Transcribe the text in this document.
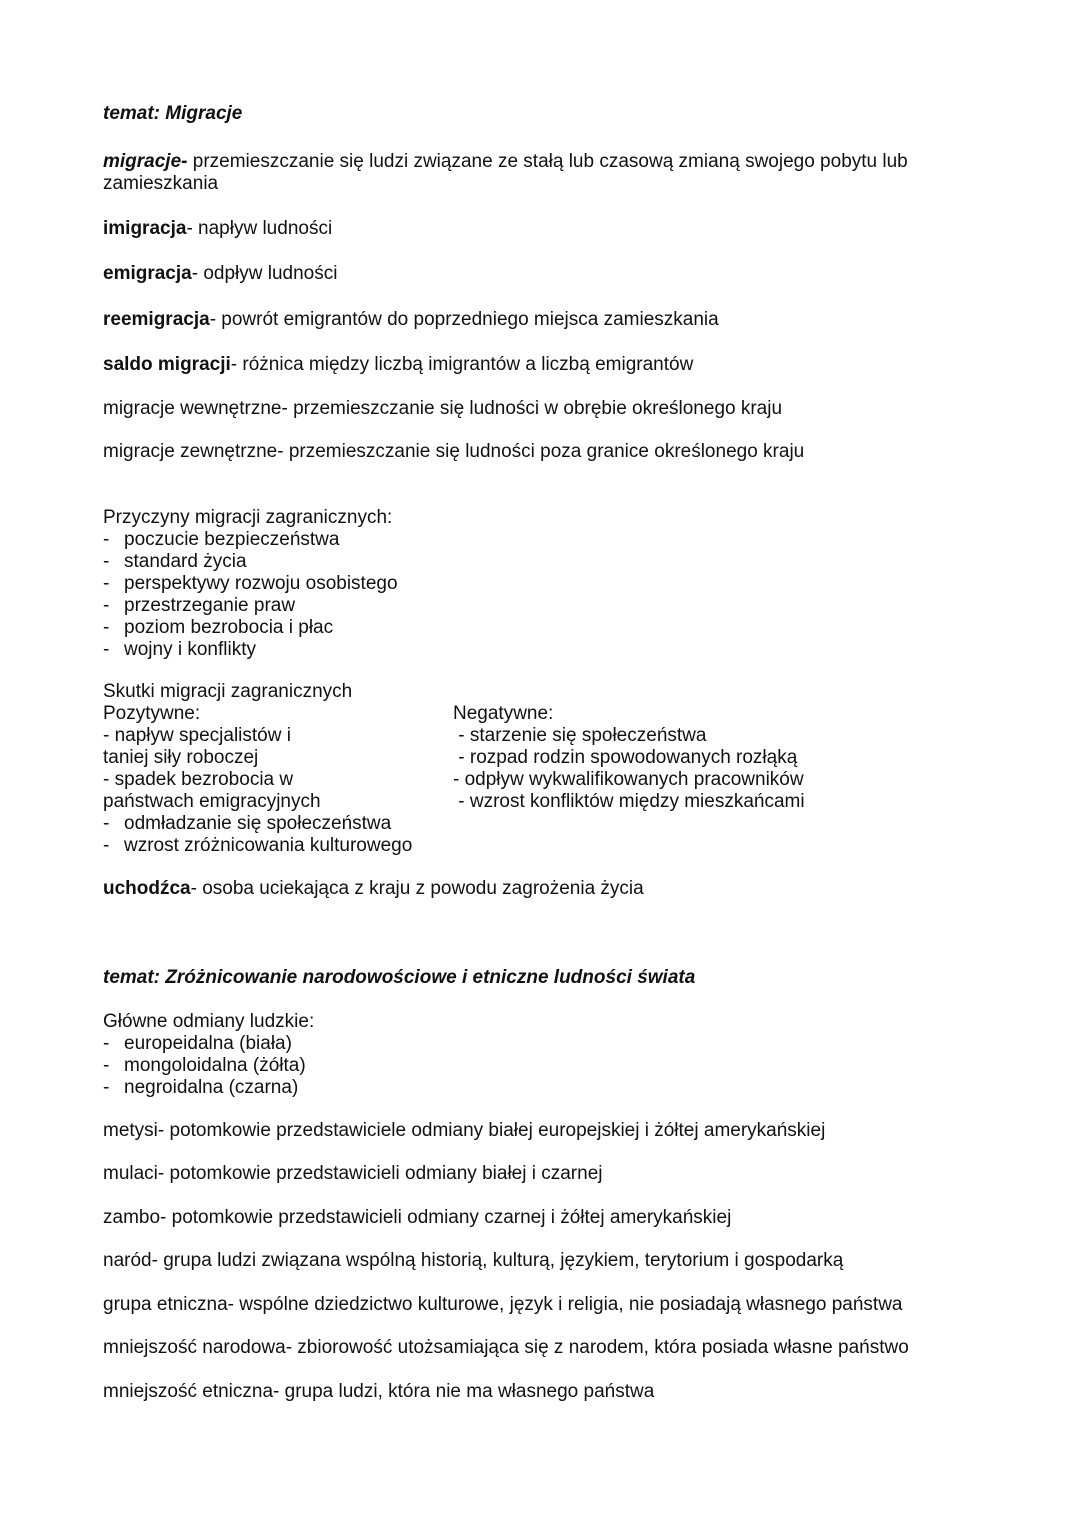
temat: Migracje
migracje- przemieszczanie się ludzi związane ze stałą lub czasową zmianą swojego pobytu lub zamieszkania
imigracja- napływ ludności
emigracja- odpływ ludności
reemigracja- powrót emigrantów do poprzedniego miejsca zamieszkania
saldo migracji- różnica między liczbą imigrantów a liczbą emigrantów
migracje wewnętrzne- przemieszczanie się ludności w obrębie określonego kraju
migracje zewnętrzne- przemieszczanie się ludności poza granice określonego kraju
Przyczyny migracji zagranicznych:
- poczucie bezpieczeństwa
- standard życia
- perspektywy rozwoju osobistego
- przestrzeganie praw
- poziom bezrobocia i płac
- wojny i konflikty
Skutki migracji zagranicznych
Pozytywne:
- napływ specjalistów i
taniej siły roboczej
- spadek bezrobocia w
państwach emigracyjnych
- odmładzanie się społeczeństwa
- wzrost zróżnicowania kulturowego
Negatywne:
- starzenie się społeczeństwa
- rozpad rodzin spowodowanych rozłąką
- odpływ wykwalifikowanych pracowników
- wzrost konfliktów między mieszkańcami
uchodźca- osoba uciekająca z kraju z powodu zagrożenia życia
temat: Zróżnicowanie narodowościowe i etniczne ludności świata
Główne odmiany ludzkie:
- europeidalna (biała)
- mongoloidalna (żółta)
- negroidalna (czarna)
metysi- potomkowie przedstawiciele odmiany białej europejskiej i żółtej amerykańskiej
mulaci- potomkowie przedstawicieli odmiany białej i czarnej
zambo- potomkowie przedstawicieli odmiany czarnej i żółtej amerykańskiej
naród- grupa ludzi związana wspólną historią, kulturą, językiem, terytorium i gospodarką
grupa etniczna- wspólne dziedzictwo kulturowe, język i religia, nie posiadają własnego państwa
mniejszość narodowa- zbiorowość utożsamiająca się z narodem, która posiada własne państwo
mniejszość etniczna- grupa ludzi, która nie ma własnego państwa
